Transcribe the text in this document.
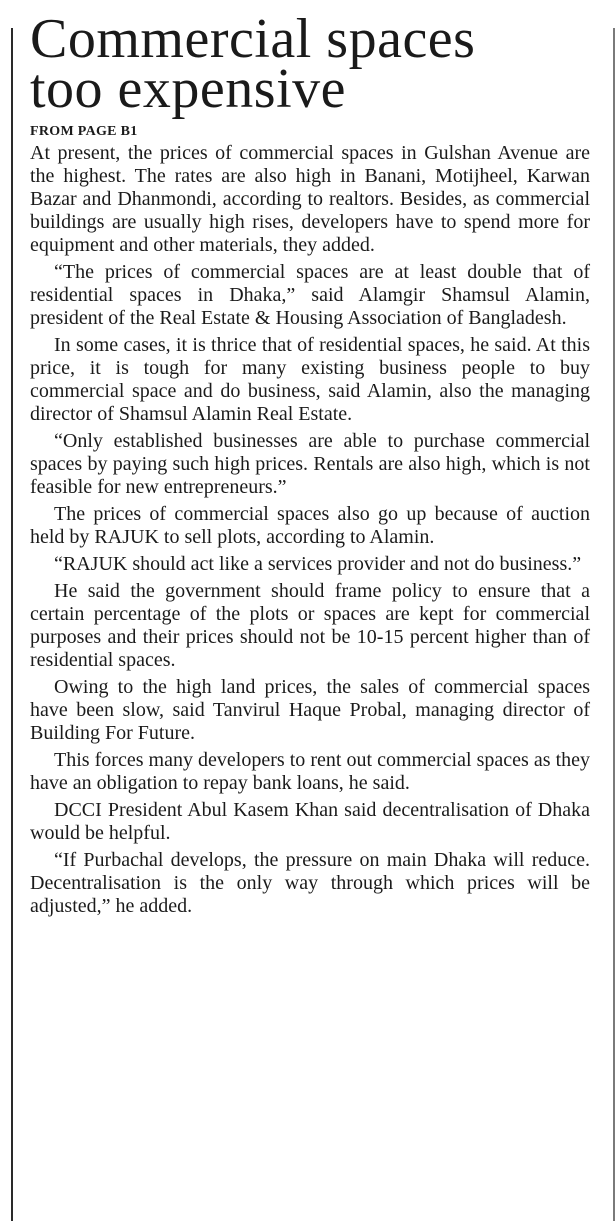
Commercial spaces
too expensive
FROM PAGE B1

At present, the prices of commercial spaces in Gulshan Avenue are the highest. The rates are also high in Banani, Motijheel, Karwan Bazar and Dhanmondi, according to realtors. Besides, as commercial buildings are usually high rises, developers have to spend more for equipment and other materials, they added.

“The prices of commercial spaces are at least double that of residential spaces in Dhaka,” said Alamgir Shamsul Alamin, president of the Real Estate & Housing Association of Bangladesh.

In some cases, it is thrice that of residential spaces, he said. At this price, it is tough for many existing business people to buy commercial space and do business, said Alamin, also the managing director of Shamsul Alamin Real Estate.

“Only established businesses are able to purchase commercial spaces by paying such high prices. Rentals are also high, which is not feasible for new entrepreneurs.”

The prices of commercial spaces also go up because of auction held by RAJUK to sell plots, according to Alamin.

“RAJUK should act like a services provider and not do business.”

He said the government should frame policy to ensure that a certain percentage of the plots or spaces are kept for commercial purposes and their prices should not be 10-15 percent higher than of residential spaces.

Owing to the high land prices, the sales of commercial spaces have been slow, said Tanvirul Haque Probal, managing director of Building For Future.

This forces many developers to rent out commercial spaces as they have an obligation to repay bank loans, he said.

DCCI President Abul Kasem Khan said decentralisation of Dhaka would be helpful.

“If Purbachal develops, the pressure on main Dhaka will reduce. Decentralisation is the only way through which prices will be adjusted,” he added.
